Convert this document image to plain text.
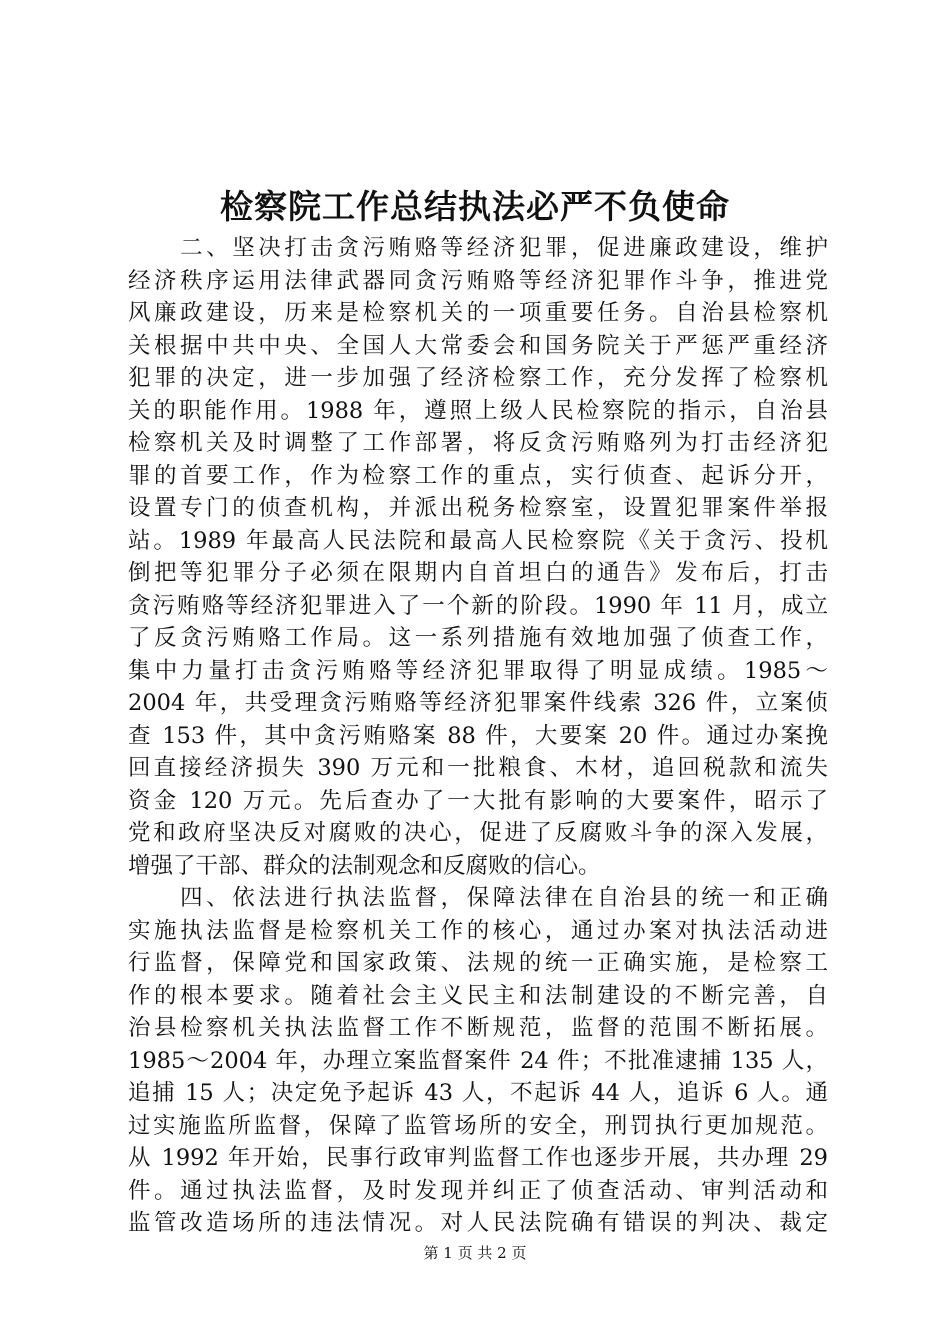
检察院工作总结执法必严不负使命
　　二、坚决打击贪污贿赂等经济犯罪，促进廉政建设，维护
经济秩序运用法律武器同贪污贿赂等经济犯罪作斗争，推进党
风廉政建设，历来是检察机关的一项重要任务。自治县检察机
关根据中共中央、全国人大常委会和国务院关于严惩严重经济
犯罪的决定，进一步加强了经济检察工作，充分发挥了检察机
关的职能作用。1988 年，遵照上级人民检察院的指示，自治县
检察机关及时调整了工作部署，将反贪污贿赂列为打击经济犯
罪的首要工作，作为检察工作的重点，实行侦查、起诉分开，
设置专门的侦查机构，并派出税务检察室，设置犯罪案件举报
站。1989 年最高人民法院和最高人民检察院《关于贪污、投机
倒把等犯罪分子必须在限期内自首坦白的通告》发布后，打击
贪污贿赂等经济犯罪进入了一个新的阶段。1990 年 11 月，成立
了反贪污贿赂工作局。这一系列措施有效地加强了侦查工作，
集中力量打击贪污贿赂等经济犯罪取得了明显成绩。1985～
2004 年，共受理贪污贿赂等经济犯罪案件线索 326 件，立案侦
查 153 件，其中贪污贿赂案 88 件，大要案 20 件。通过办案挽
回直接经济损失 390 万元和一批粮食、木材，追回税款和流失
资金 120 万元。先后查办了一大批有影响的大要案件，昭示了
党和政府坚决反对腐败的决心，促进了反腐败斗争的深入发展，
增强了干部、群众的法制观念和反腐败的信心。
　　四、依法进行执法监督，保障法律在自治县的统一和正确
实施执法监督是检察机关工作的核心，通过办案对执法活动进
行监督，保障党和国家政策、法规的统一正确实施，是检察工
作的根本要求。随着社会主义民主和法制建设的不断完善，自
治县检察机关执法监督工作不断规范，监督的范围不断拓展。
1985～2004 年，办理立案监督案件 24 件；不批准逮捕 135 人，
追捕 15 人；决定免予起诉 43 人，不起诉 44 人，追诉 6 人。通
过实施监所监督，保障了监管场所的安全，刑罚执行更加规范。
从 1992 年开始，民事行政审判监督工作也逐步开展，共办理 29
件。通过执法监督，及时发现并纠正了侦查活动、审判活动和
监管改造场所的违法情况。对人民法院确有错误的判决、裁定
第 1 页 共 2 页
